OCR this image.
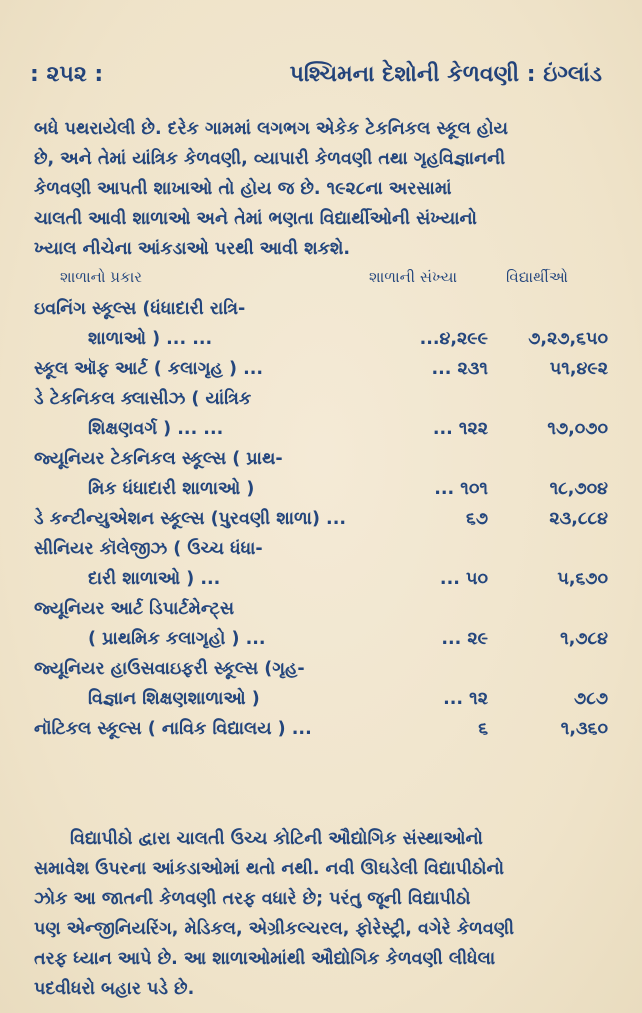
: ૨૫૨ :	પશ્ચિમના દેશોની કેળવણી : ઇંગ્લાંડ
બધે પથરાયેલી છે. દરેક ગામમાં લગભગ એકેક ટેકનિકલ સ્કૂલ હોય
છે, અને તેમાં યાંત્રિક કેળવણી, વ્યાપારી કેળવણી તથા ગૃહવિજ્ઞાનની
કેળવણી આપતી શાખાઓ તો હોય જ છે. ૧૯૨૮ના અરસામાં
ચાલતી આવી શાળાઓ અને તેમાં ભણતા વિદ્યાર્થીઓની સંખ્યાનો
ખ્યાલ નીચેના આંકડાઓ પરથી આવી શકશે.
શાળાનો પ્રકાર	શાળાની સંખ્યા	વિદ્યાર્થીઓ
ઇવનિંગ સ્કૂલ્સ (ધંધાદારી રાત્રિ-
શાળાઓ ) ... ...	...૪,૨૯૯	૭,૨૭,૬૫૦
સ્કૂલ ઑફ આર્ટ ( કલાગૃહ ) ...	... ૨૩૧	૫૧,૪૯૨
ડે ટેકનિકલ ક્લાસીઝ ( યાંત્રિક
શિક્ષણવર્ગ ) ... ...	... ૧૨૨	૧૭,૦૭૦
જ્યૂનિયર ટેકનિકલ સ્કૂલ્સ ( પ્રાથ-
મિક ધંધાદારી શાળાઓ )	... ૧૦૧	૧૮,૭૦૪
ડે કન્ટીન્યુએશન સ્કૂલ્સ (પુરવણી શાળા) ...	૬૭	૨૩,૮૮૪
સીનિયર કૉલેજીઝ ( ઉચ્ચ ધંધા-
દારી શાળાઓ ) ...	... ૫૦	૫,૬૭૦
જ્યૂનિયર આર્ટ ડિપાર્ટમેન્ટ્સ
( પ્રાથમિક કલાગૃહો ) ...	... ૨૯	૧,૭૮૪
જ્યૂનિયર હાઉસવાઇફરી સ્કૂલ્સ (ગૃહ-
વિજ્ઞાન શિક્ષણશાળાઓ )	... ૧૨	૭૮૭
નૉટિકલ સ્કૂલ્સ ( નાવિક વિદ્યાલય ) ...	૬	૧,૩૬૦
વિદ્યાપીઠો દ્વારા ચાલતી ઉચ્ચ કોટિની ઔદ્યોગિક સંસ્થાઓનો
સમાવેશ ઉપરના આંકડાઓમાં થતો નથી. નવી ઊઘડેલી વિદ્યાપીઠોનો
ઝોક આ જાતની કેળવણી તરફ વધારે છે; પરંતુ જૂની વિદ્યાપીઠો
પણ એન્જીનિયરિંગ, મેડિકલ, એગ્રીકલ્ચરલ, ફોરેસ્ટ્રી, વગેરે કેળવણી
તરફ ધ્યાન આપે છે. આ શાળાઓમાંથી ઔદ્યોગિક કેળવણી લીધેલા
પદવીધરો બહાર પડે છે.
